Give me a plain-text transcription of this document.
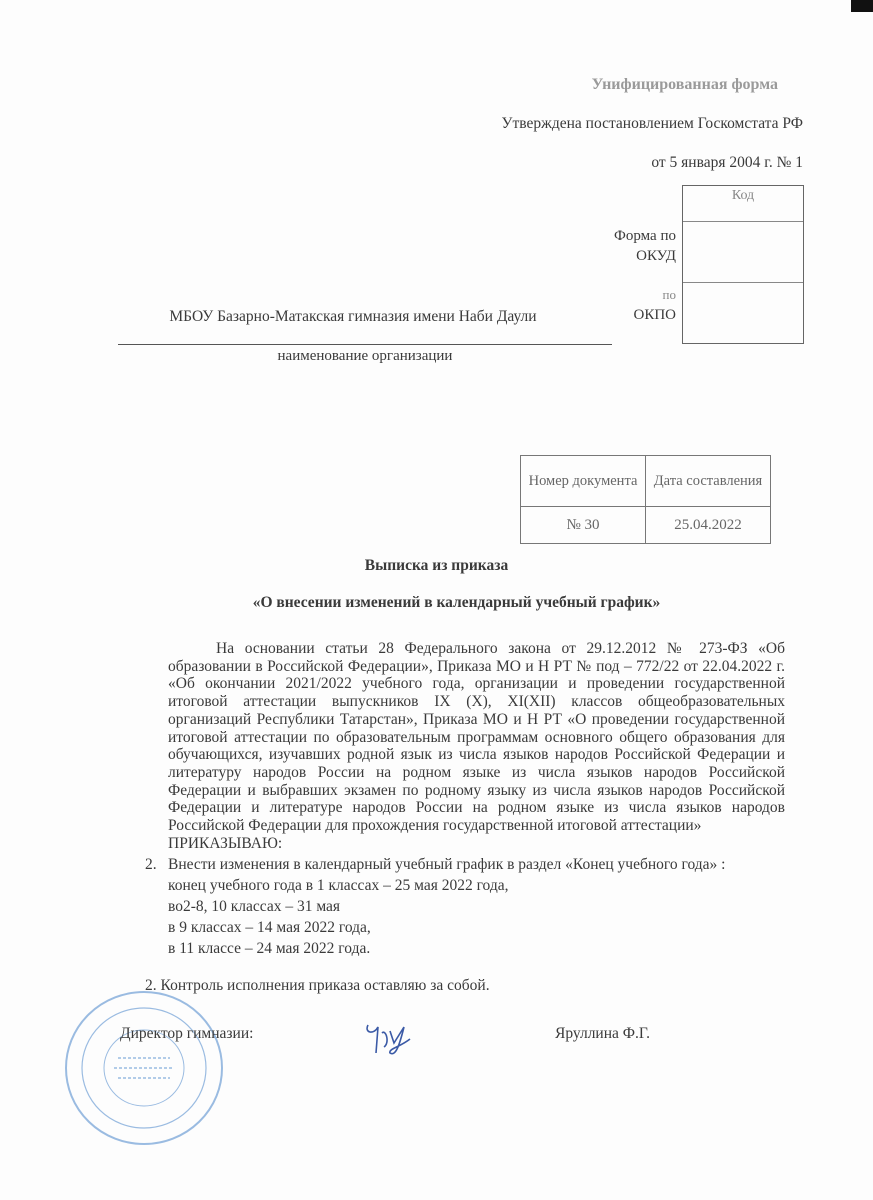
Унифицированная форма
Утверждена постановлением Госкомстата РФ
от 5 января 2004 г. № 1
Код
Форма по
ОКУД
по
ОКПО
МБОУ Базарно-Матакская гимназия имени Наби Даули
наименование организации
Номер документа	Дата составления
№ 30	25.04.2022
Выписка из приказа
«О внесении изменений в календарный учебный график»
На основании статьи 28 Федерального закона от 29.12.2012 № 273-ФЗ «Об образовании в Российской Федерации», Приказа МО и Н РТ № под – 772/22 от 22.04.2022 г. «Об окончании 2021/2022 учебного года, организации и проведении государственной итоговой аттестации выпускников IX (X), XI(XII) классов общеобразовательных организаций Республики Татарстан», Приказа МО и Н РТ «О проведении государственной итоговой аттестации по образовательным программам основного общего образования для обучающихся, изучавших родной язык из числа языков народов Российской Федерации и литературу народов России на родном языке из числа языков народов Российской Федерации и выбравших экзамен по родному языку из числа языков народов Российской Федерации и литературе народов России на родном языке из числа языков народов Российской Федерации для прохождения государственной итоговой аттестации»
ПРИКАЗЫВАЮ:
2. Внести изменения в календарный учебный график в раздел «Конец учебного года» :
конец учебного года в 1 классах – 25 мая 2022 года,
во2-8, 10 классах – 31 мая
в 9 классах – 14 мая 2022 года,
в 11 классе – 24 мая 2022 года.
2. Контроль исполнения приказа оставляю за собой.
Директор гимназии:	Яруллина Ф.Г.
